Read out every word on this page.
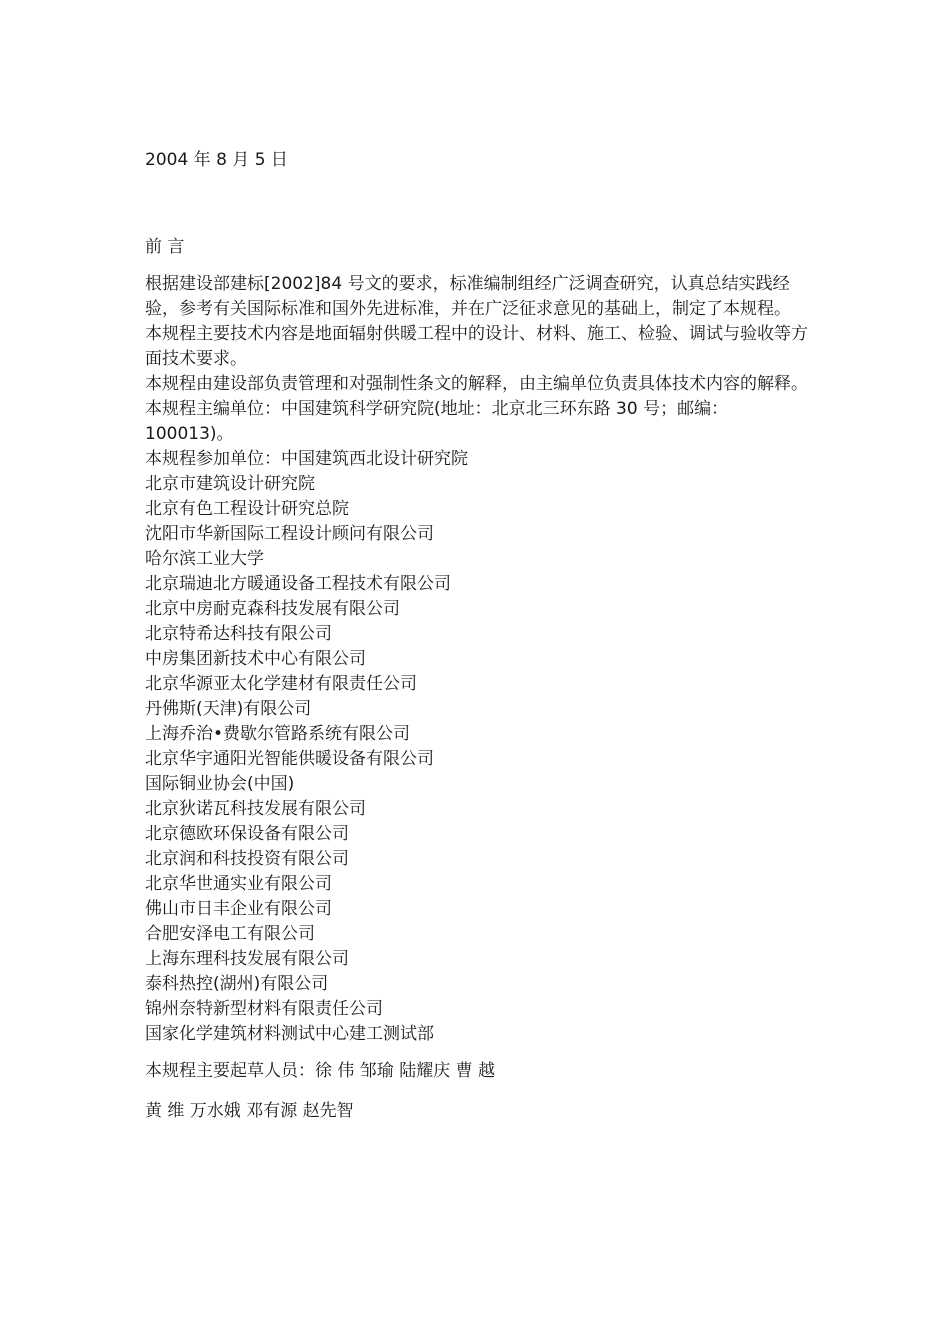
2004 年 8 月 5 日

前 言

根据建设部建标[2002]84 号文的要求，标准编制组经广泛调查研究，认真总结实践经验，参考有关国际标准和国外先进标准，并在广泛征求意见的基础上，制定了本规程。

本规程主要技术内容是地面辐射供暖工程中的设计、材料、施工、检验、调试与验收等方面技术要求。

本规程由建设部负责管理和对强制性条文的解释，由主编单位负责具体技术内容的解释。

本规程主编单位：中国建筑科学研究院(地址：北京北三环东路 30 号；邮编：100013)。

本规程参加单位：中国建筑西北设计研究院
北京市建筑设计研究院
北京有色工程设计研究总院
沈阳市华新国际工程设计顾问有限公司
哈尔滨工业大学
北京瑞迪北方暖通设备工程技术有限公司
北京中房耐克森科技发展有限公司
北京特希达科技有限公司
中房集团新技术中心有限公司
北京华源亚太化学建材有限责任公司
丹佛斯(天津)有限公司
上海乔治•费歇尔管路系统有限公司
北京华宇通阳光智能供暖设备有限公司
国际铜业协会(中国)
北京狄诺瓦科技发展有限公司
北京德欧环保设备有限公司
北京润和科技投资有限公司
北京华世通实业有限公司
佛山市日丰企业有限公司
合肥安泽电工有限公司
上海东理科技发展有限公司
泰科热控(湖州)有限公司
锦州奈特新型材料有限责任公司
国家化学建筑材料测试中心建工测试部

本规程主要起草人员：徐 伟 邹瑜 陆耀庆 曹 越

黄 维 万水娥 邓有源 赵先智
